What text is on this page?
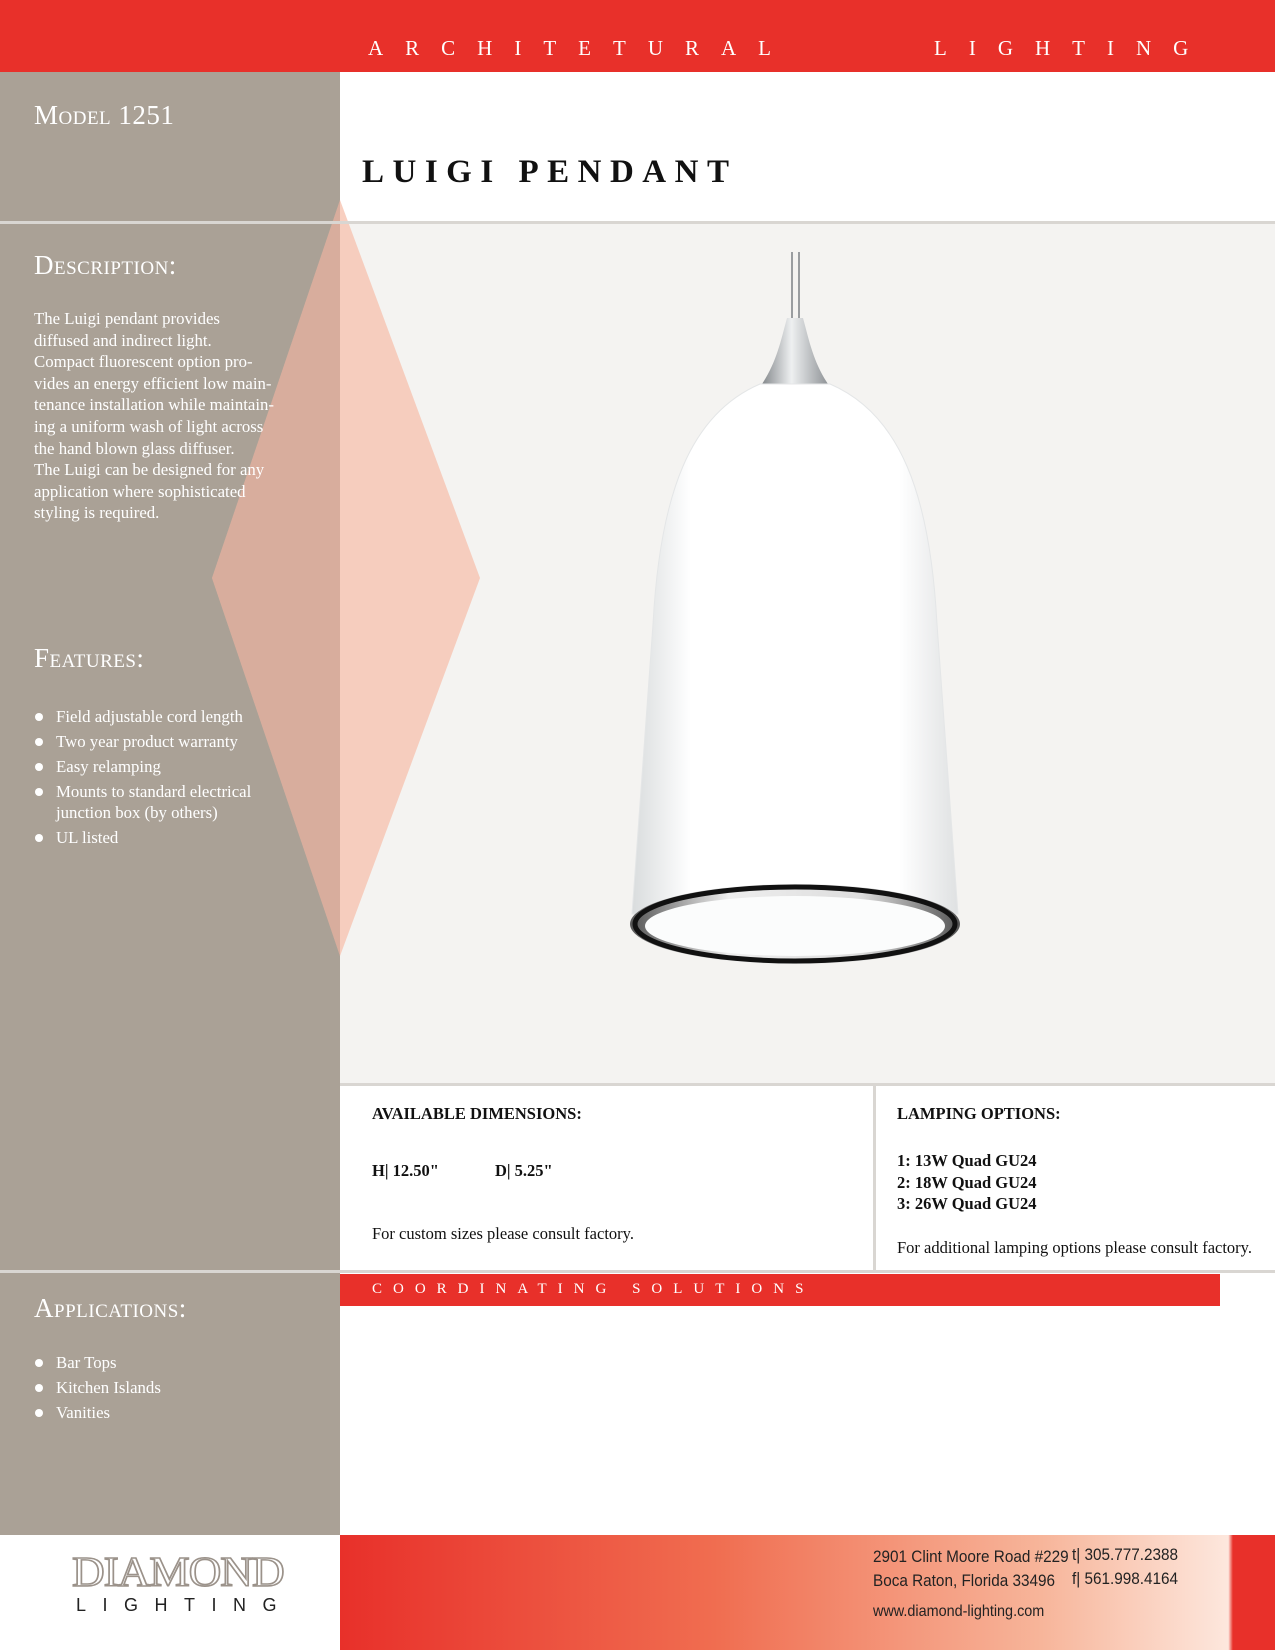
ARCHITETURAL	LIGHTING
Model 1251
LUIGI PENDANT
Description:
The Luigi pendant provides
diffused and indirect light.
Compact fluorescent option pro-
vides an energy efficient low main-
tenance installation while maintain-
ing a uniform wash of light across
the hand blown glass diffuser.
The Luigi can be designed for any
application where sophisticated
styling is required.
Features:
Field adjustable cord length
Two year product warranty
Easy relamping
Mounts to standard electrical junction box (by others)
UL listed
Applications:
Bar Tops
Kitchen Islands
Vanities
AVAILABLE DIMENSIONS:
H| 12.50"	D| 5.25"
For custom sizes please consult factory.
LAMPING OPTIONS:
1: 13W Quad GU24
2: 18W Quad GU24
3: 26W Quad GU24
For additional lamping options please consult factory.
COORDINATING SOLUTIONS
2901 Clint Moore Road #229
Boca Raton, Florida 33496
www.diamond-lighting.com
t| 305.777.2388
f| 561.998.4164
DIAMOND
LIGHTING
